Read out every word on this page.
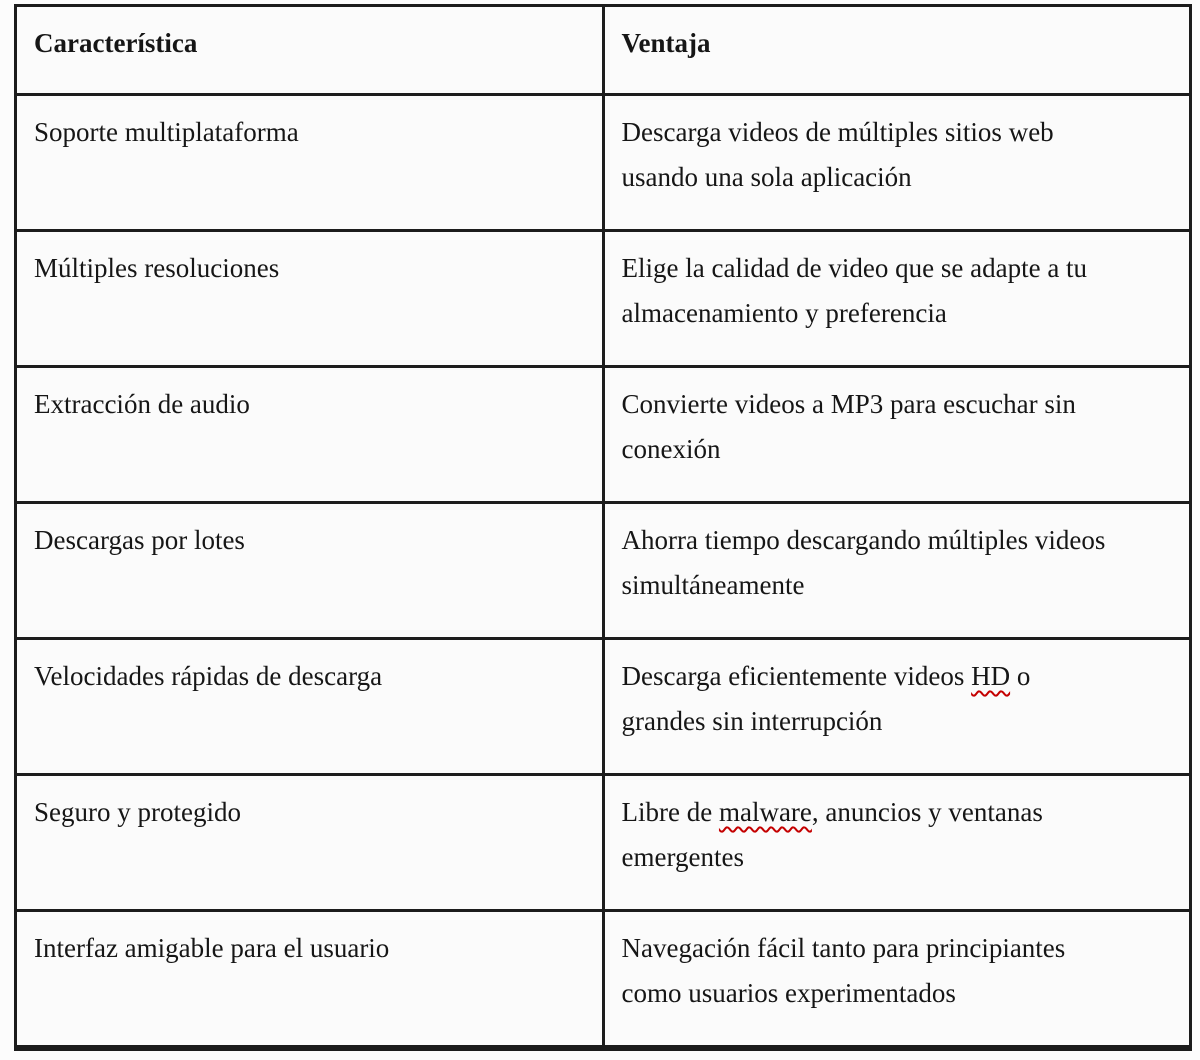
Característica	Ventaja

Soporte multiplataforma	Descarga videos de múltiples sitios web
usando una sola aplicación

Múltiples resoluciones	Elige la calidad de video que se adapte a tu
almacenamiento y preferencia

Extracción de audio	Convierte videos a MP3 para escuchar sin
conexión

Descargas por lotes	Ahorra tiempo descargando múltiples videos
simultáneamente

Velocidades rápidas de descarga	Descarga eficientemente videos HD o
grandes sin interrupción

Seguro y protegido	Libre de malware, anuncios y ventanas
emergentes

Interfaz amigable para el usuario	Navegación fácil tanto para principiantes
como usuarios experimentados
